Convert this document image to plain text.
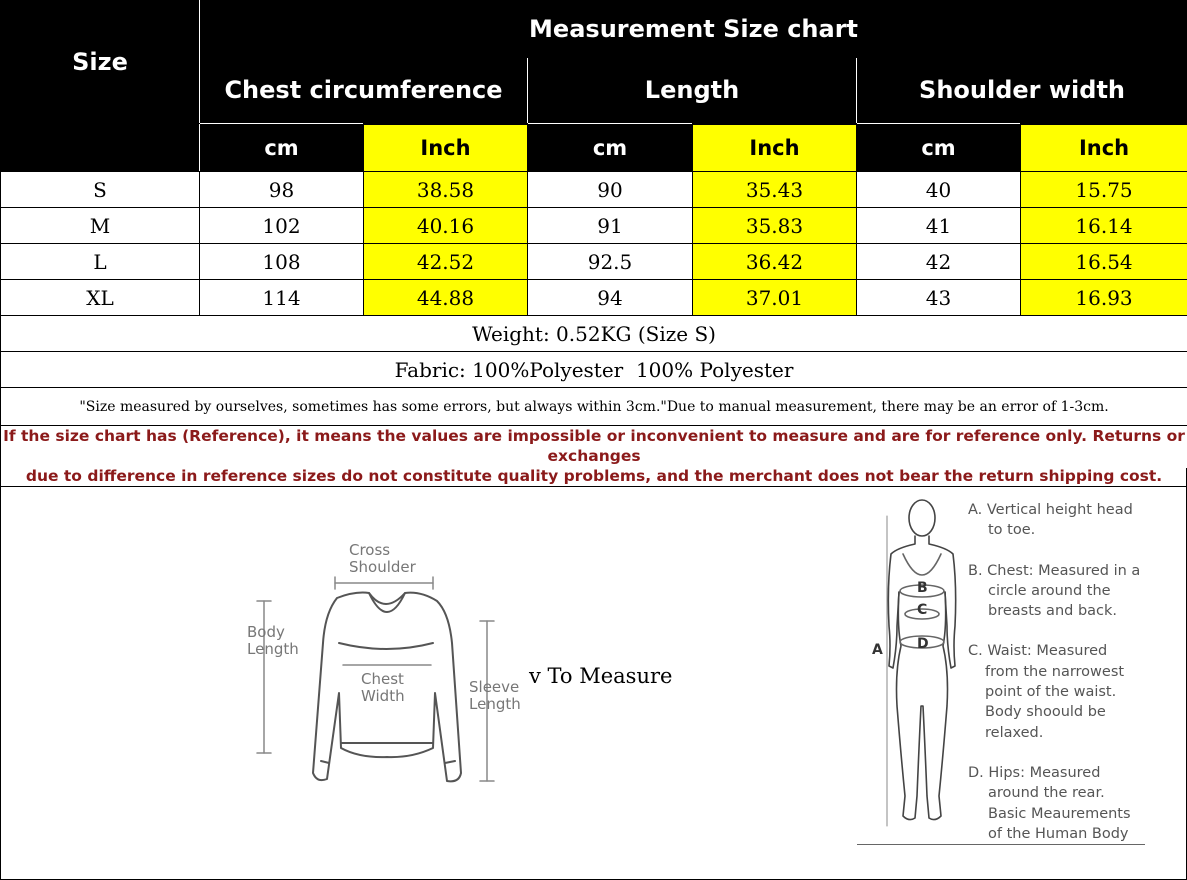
Size	Measurement Size chart					
	Chest circumference		Length		Shoulder width	
	cm	Inch	cm	Inch	cm	Inch
S	98	38.58	90	35.43	40	15.75
M	102	40.16	91	35.83	41	16.14
L	108	42.52	92.5	36.42	42	16.54
XL	114	44.88	94	37.01	43	16.93
Weight: 0.52KG (Size S)						
Fabric: 100%Polyester  100% Polyester						
"Size measured by ourselves, sometimes has some errors, but always within 3cm."Due to manual measurement, there may be an error of 1-3cm.						

If the size chart has (Reference), it means the values are impossible or inconvenient to measure and are for reference only. Returns or exchanges
due to difference in reference sizes do not constitute quality problems, and the merchant does not bear the return shipping cost.						
Cross
Shoulder
Body
Length
Chest
Width	Sleeve
Length
v To Measure
B
C
D
A
A. Vertical height head
to toe.
B. Chest: Measured in a
circle around the
breasts and back.
C. Waist: Measured
from the narrowest
point of the waist.
Body shoould be
relaxed.
D. Hips: Measured
around the rear.
Basic Meaurements
of the Human Body
